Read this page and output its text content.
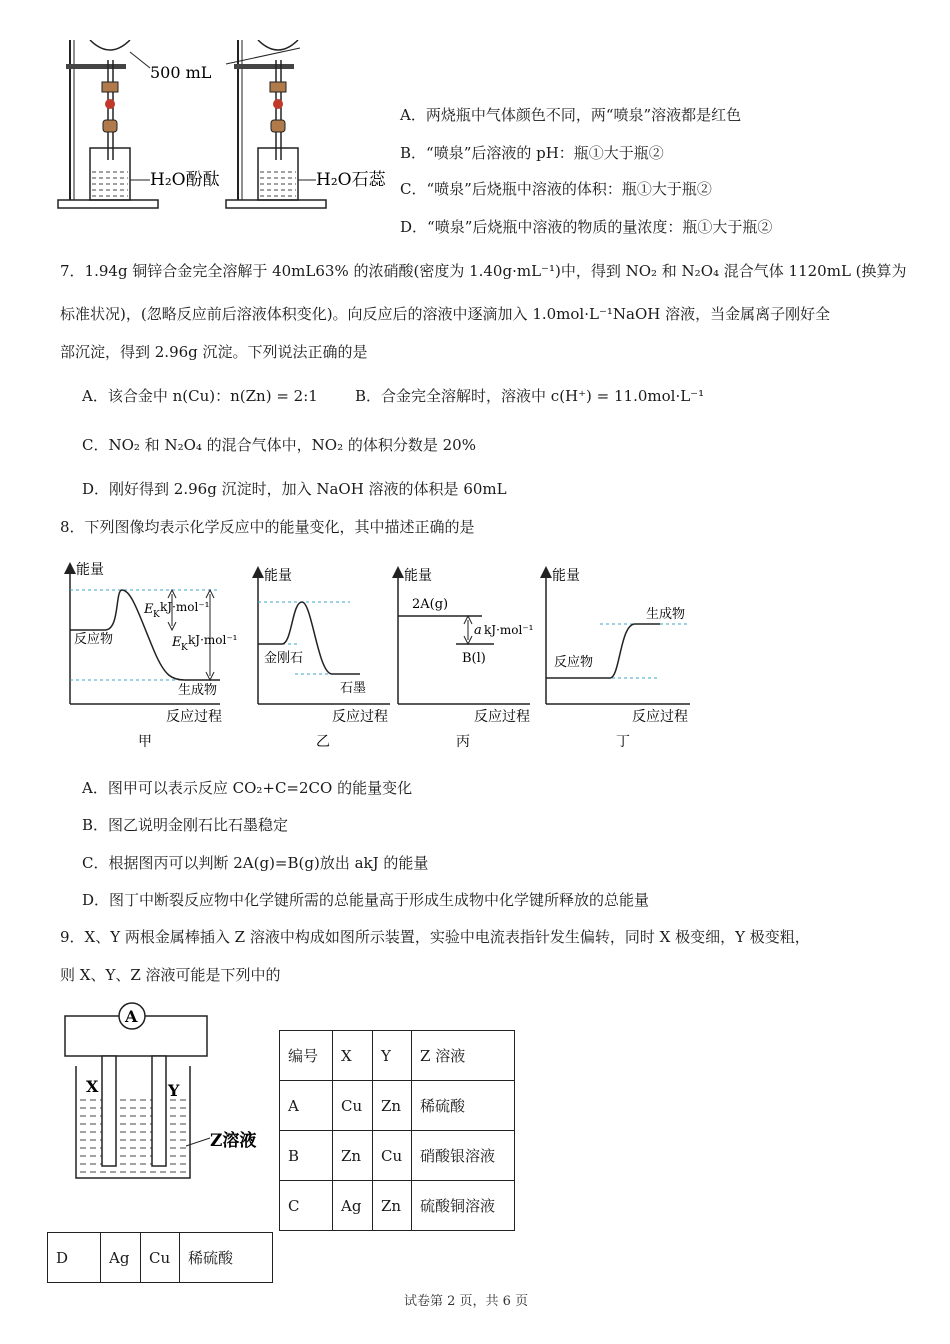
500 mL
H₂O酚酞	H₂O石蕊
A．两烧瓶中气体颜色不同，两“喷泉”溶液都是红色
B．“喷泉”后溶液的 pH：瓶①大于瓶②
C．“喷泉”后烧瓶中溶液的体积：瓶①大于瓶②
D．“喷泉”后烧瓶中溶液的物质的量浓度：瓶①大于瓶②
7．1.94g 铜锌合金完全溶解于 40mL63% 的浓硝酸(密度为 1.40g·mL⁻¹)中，得到 NO₂ 和 N₂O₄ 混合气体 1120mL (换算为
标准状况)，(忽略反应前后溶液体积变化)。向反应后的溶液中逐滴加入 1.0mol·L⁻¹NaOH 溶液，当金属离子刚好全
部沉淀，得到 2.96g 沉淀。下列说法正确的是
A．该合金中 n(Cu)：n(Zn) = 2:1 B．合金完全溶解时，溶液中 c(H⁺) = 11.0mol·L⁻¹
C．NO₂ 和 N₂O₄ 的混合气体中，NO₂ 的体积分数是 20%
D．刚好得到 2.96g 沉淀时，加入 NaOH 溶液的体积是 60mL
8．下列图像均表示化学反应中的能量变化，其中描述正确的是
能量
反应物
生成物
E K
kJ·mol⁻¹
E K
kJ·mol⁻¹
反应过程
甲
能量
金刚石
石墨
反应过程
乙
能量
2A(g)
a kJ·mol⁻¹
B(l)
反应过程
丙
能量
生成物
反应物
反应过程
丁
A．图甲可以表示反应 CO₂+C=2CO 的能量变化
B．图乙说明金刚石比石墨稳定
C．根据图丙可以判断 2A(g)=B(g)放出 akJ 的能量
D．图丁中断裂反应物中化学键所需的总能量高于形成生成物中化学键所释放的总能量
9．X、Y 两根金属棒插入 Z 溶液中构成如图所示装置，实验中电流表指针发生偏转，同时 X 极变细，Y 极变粗，
则 X、Y、Z 溶液可能是下列中的
A
X	Y
Z溶液
编号	X	Y	Z 溶液
A	Cu	Zn	稀硫酸
B	Zn	Cu	硝酸银溶液
C	Ag	Zn	硫酸铜溶液
D	Ag	Cu	稀硫酸
试卷第 2 页，共 6 页
